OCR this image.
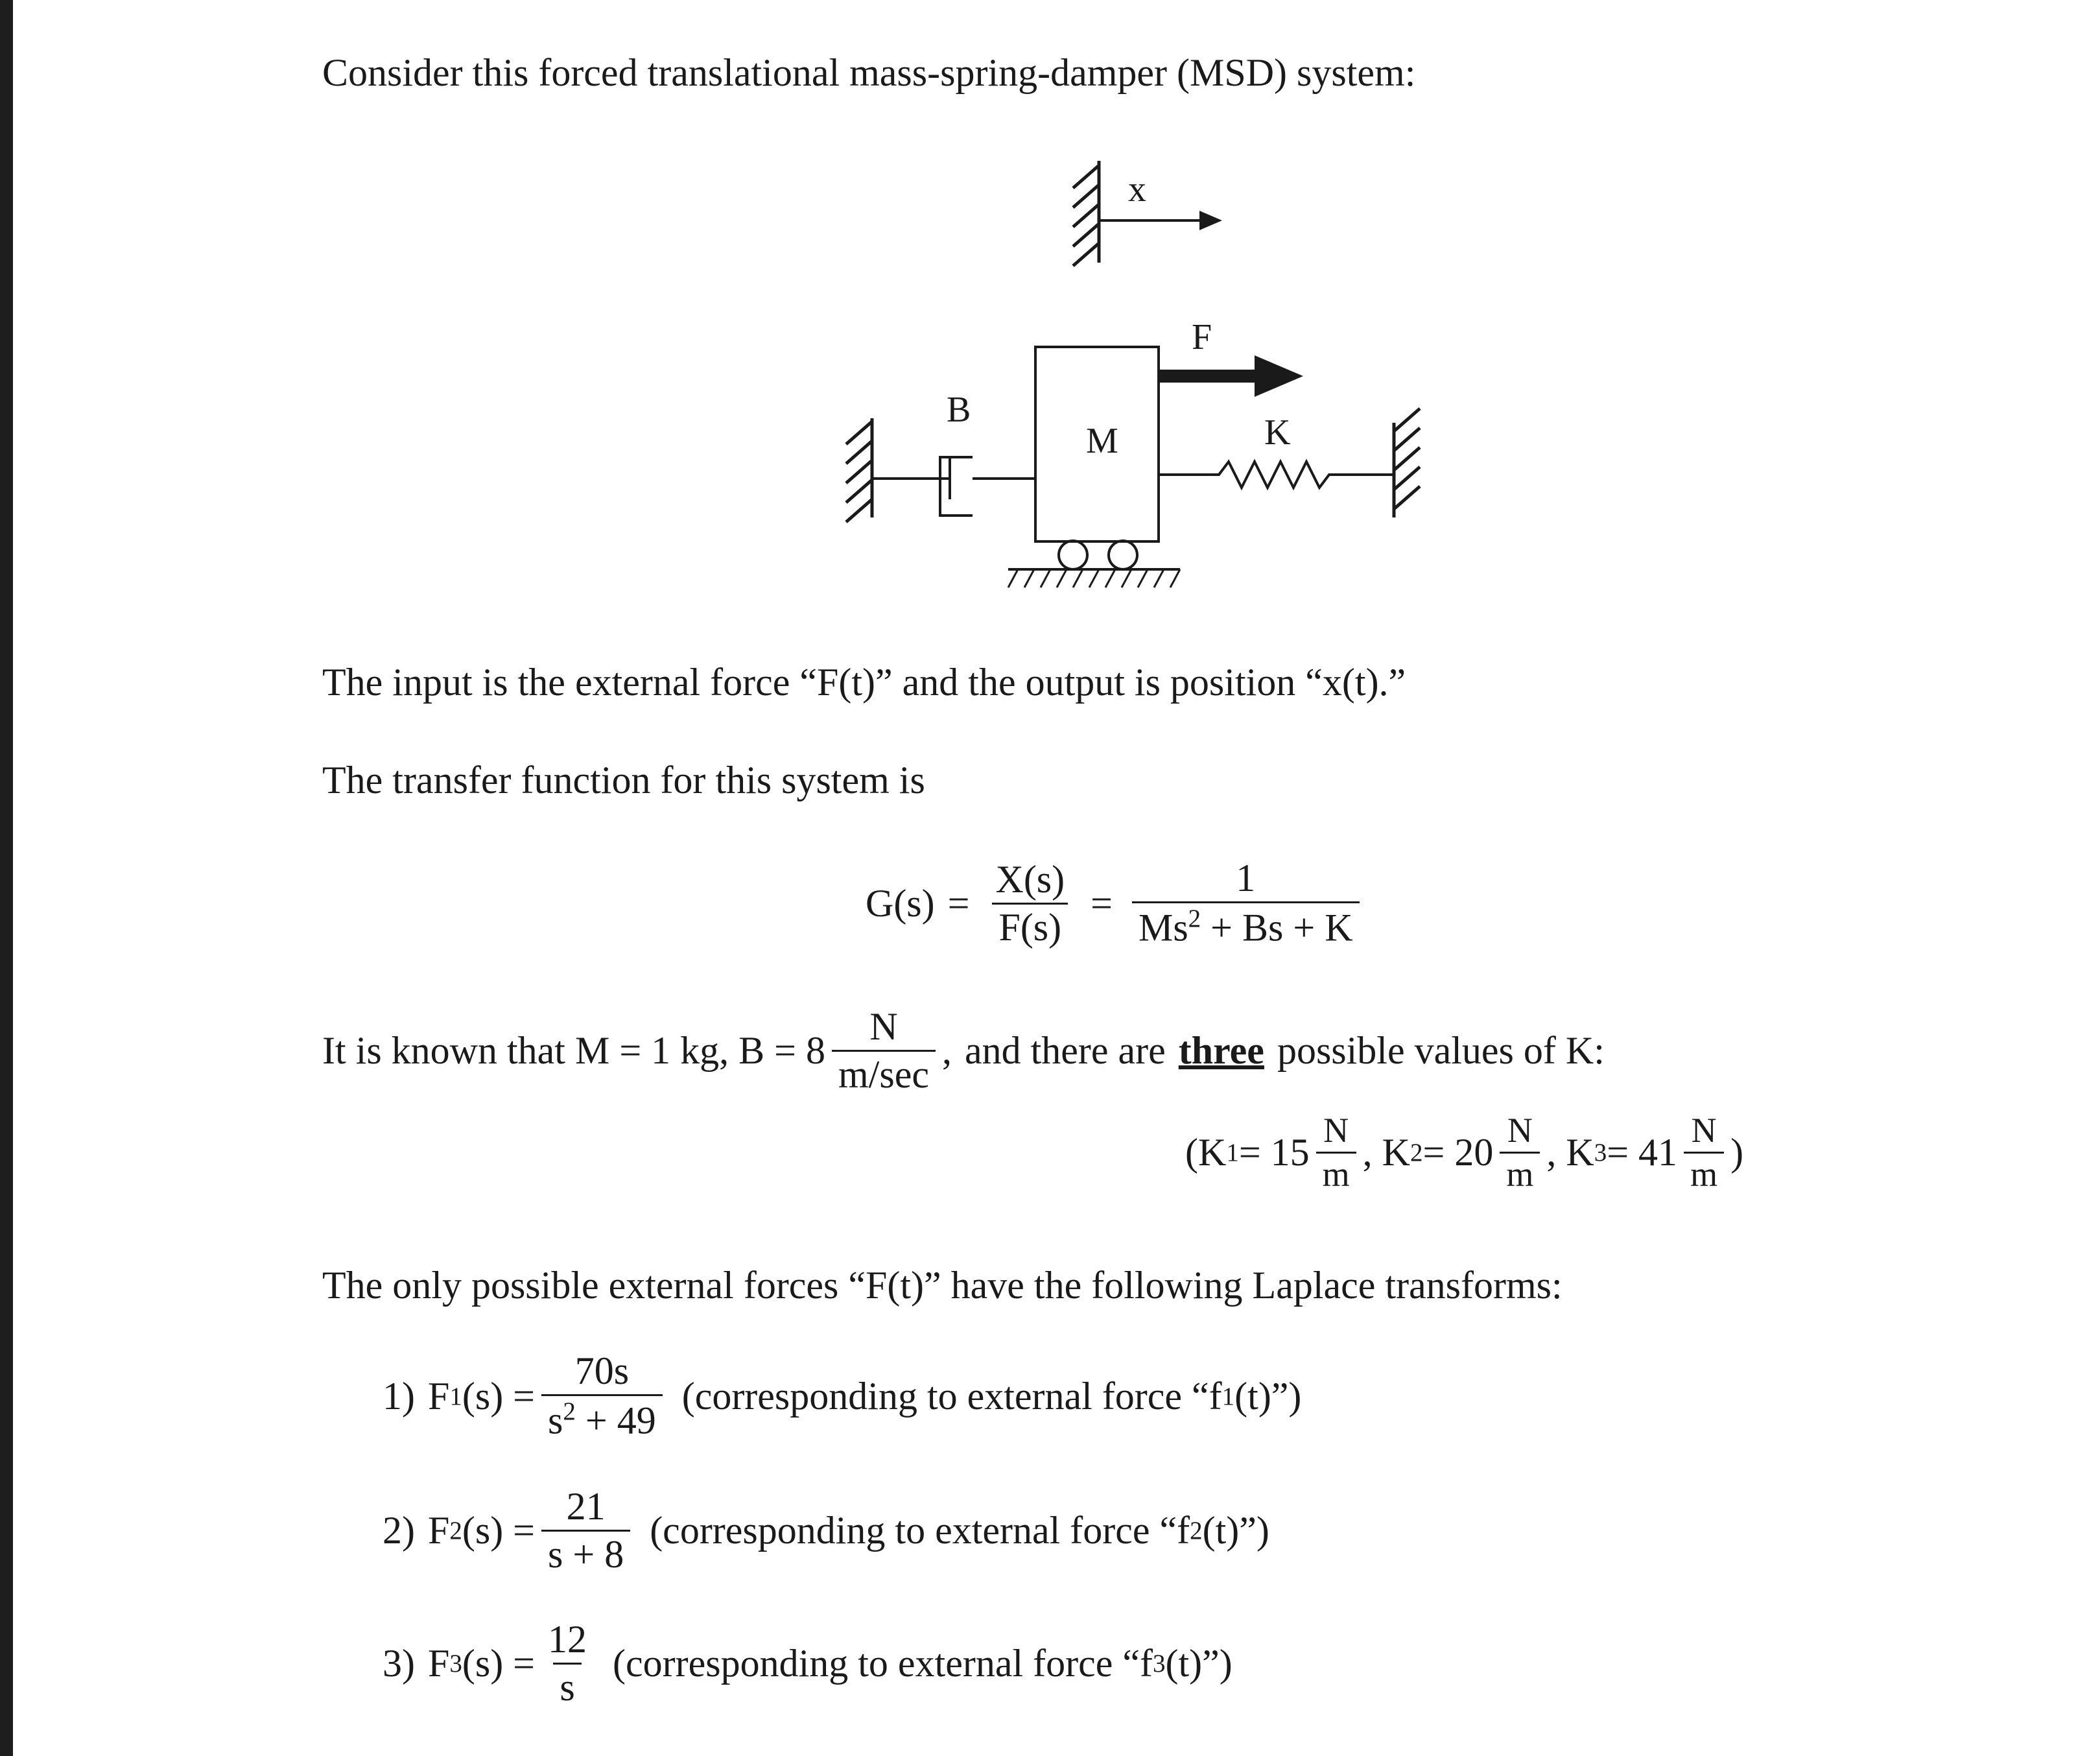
Consider this forced translational mass-spring-damper (MSD) system:
x
F
B
M	K
The input is the external force “F(t)” and the output is position “x(t).”
The transfer function for this system is
$G(s) = \frac{X(s)}{F(s)} = \frac{1}{Ms^2 + Bs + K}$
It is known that M = 1 kg, $B = 8 \frac{N}{m/\sec}$ , and there are three possible values of K:
(K $1 = 15 \frac{N}{m}$ , K $2 = 20 \frac{N}{m}$ , K $3 = 41 \frac{N}{m}$ )
The only possible external forces “F(t)” have the following Laplace transforms:
1) F 1 $(s) = \frac{70s}{s^2 + 49}$ (corresponding to external force “f 1 (t)”)
2) F 2 $(s) = \frac{21}{s + 8}$ (corresponding to external force “f 2 (t)”)
3) F 3 $(s) = \frac{12}{s}$ (corresponding to external force “f 3 (t)”)
